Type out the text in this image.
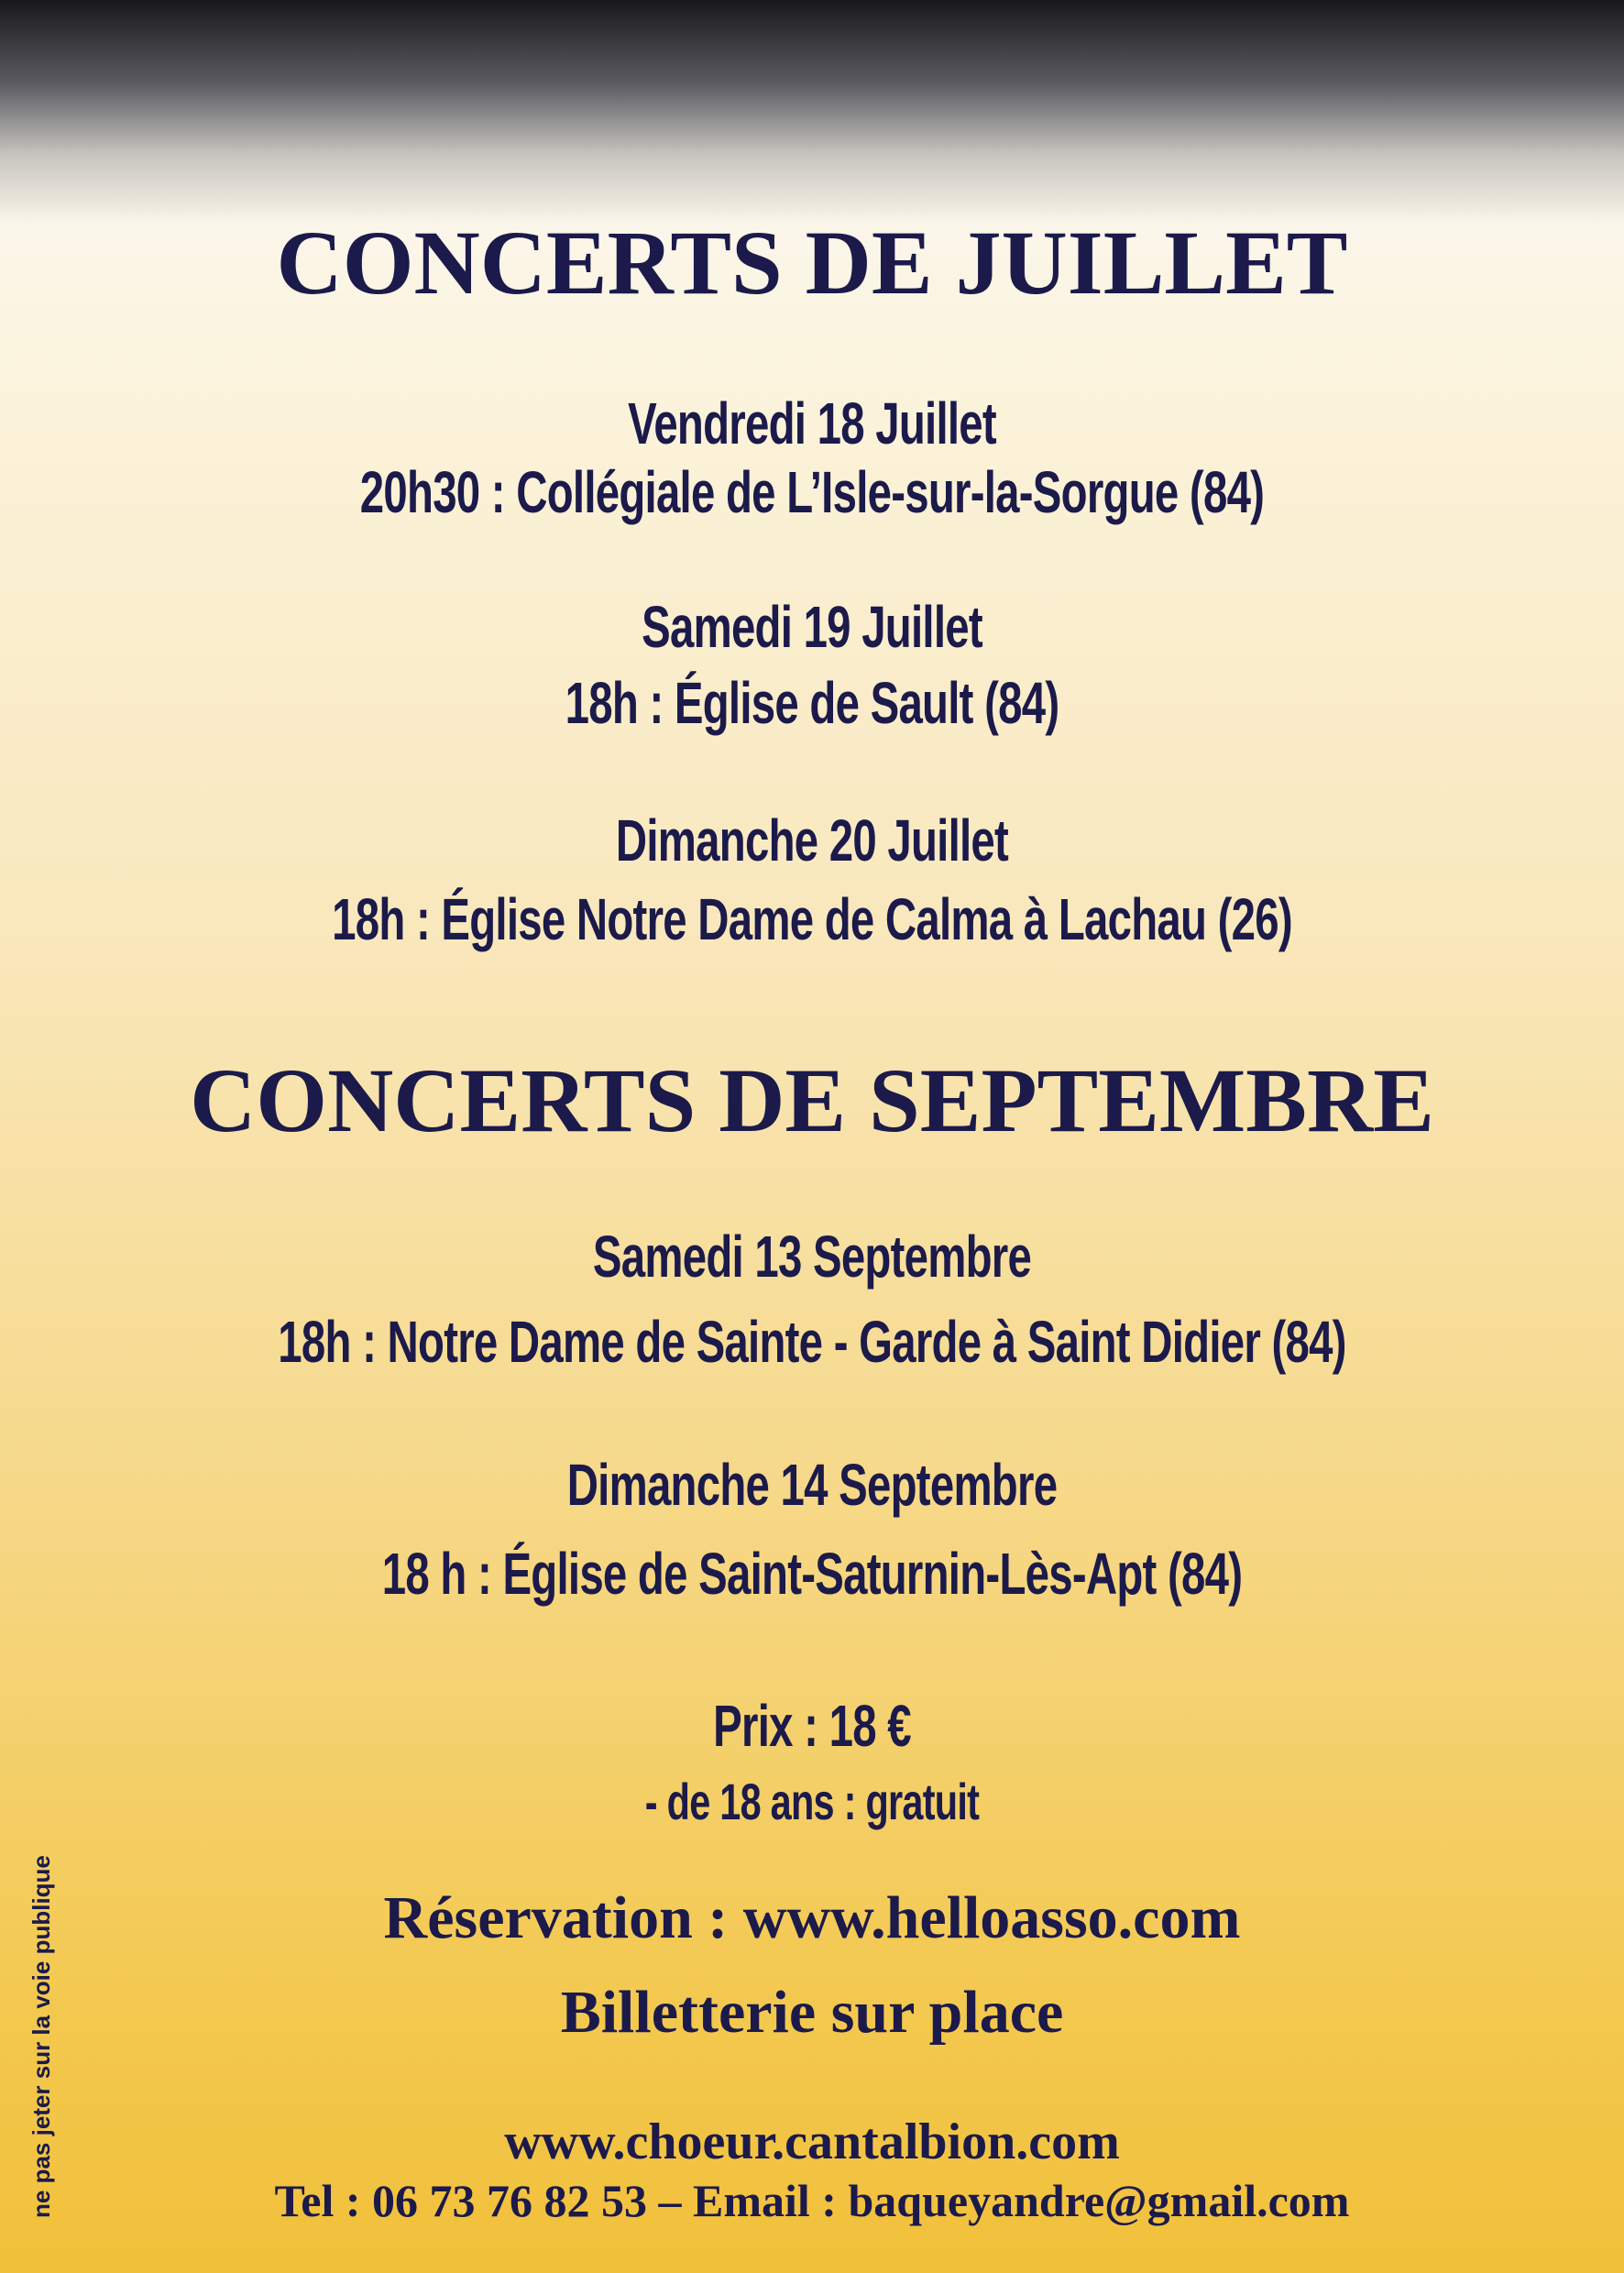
CONCERTS DE JUILLET
Vendredi 18 Juillet
20h30 : Collégiale de L’Isle-sur-la-Sorgue (84)
Samedi 19 Juillet
18h : Église de Sault (84)
Dimanche 20 Juillet
18h : Église Notre Dame de Calma à Lachau (26)
CONCERTS DE SEPTEMBRE
Samedi 13 Septembre
18h : Notre Dame de Sainte - Garde à Saint Didier (84)
Dimanche 14 Septembre
18 h : Église de Saint-Saturnin-Lès-Apt (84)
Prix : 18 €
- de 18 ans : gratuit
Réservation : www.helloasso.com
Billetterie sur place
www.choeur.cantalbion.com
Tel : 06 73 76 82 53 – Email : baqueyandre@gmail.com
ne pas jeter sur la voie publique
